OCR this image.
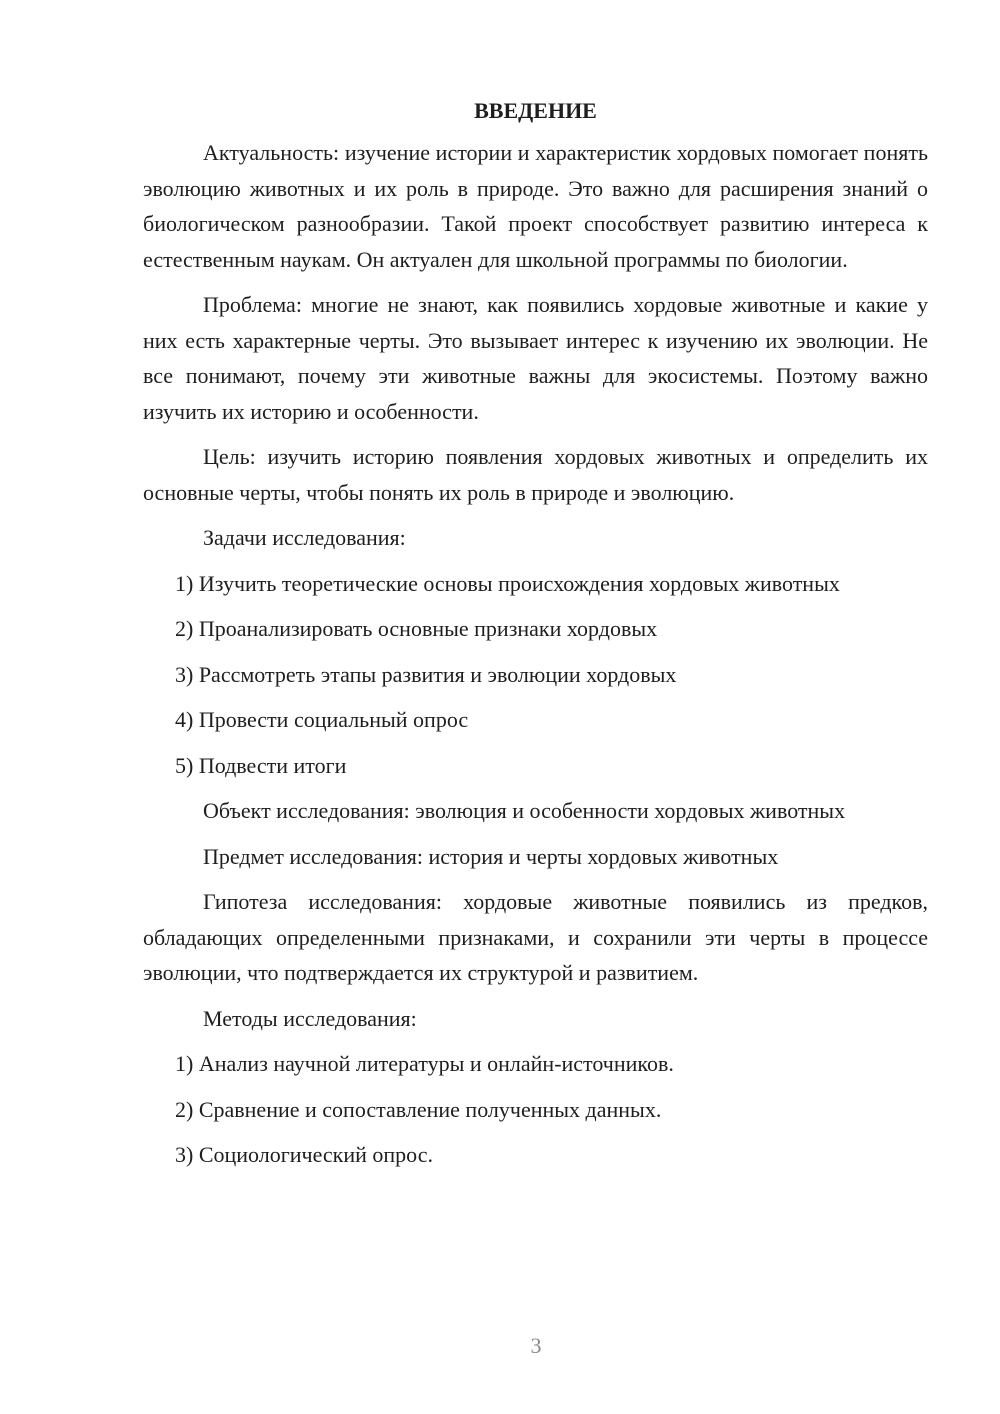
ВВЕДЕНИЕ

Актуальность: изучение истории и характеристик хордовых помогает понять эволюцию животных и их роль в природе. Это важно для расширения знаний о биологическом разнообразии. Такой проект способствует развитию интереса к естественным наукам. Он актуален для школьной программы по биологии.

Проблема: многие не знают, как появились хордовые животные и какие у них есть характерные черты. Это вызывает интерес к изучению их эволюции. Не все понимают, почему эти животные важны для экосистемы. Поэтому важно изучить их историю и особенности.

Цель: изучить историю появления хордовых животных и определить их основные черты, чтобы понять их роль в природе и эволюцию.

Задачи исследования:
1) Изучить теоретические основы происхождения хордовых животных
2) Проанализировать основные признаки хордовых
3) Рассмотреть этапы развития и эволюции хордовых
4) Провести социальный опрос
5) Подвести итоги
Объект исследования: эволюция и особенности хордовых животных
Предмет исследования: история и черты хордовых животных

Гипотеза исследования: хордовые животные появились из предков, обладающих определенными признаками, и сохранили эти черты в процессе эволюции, что подтверждается их структурой и развитием.

Методы исследования:
1) Анализ научной литературы и онлайн-источников.
2) Сравнение и сопоставление полученных данных.
3) Социологический опрос.
3
